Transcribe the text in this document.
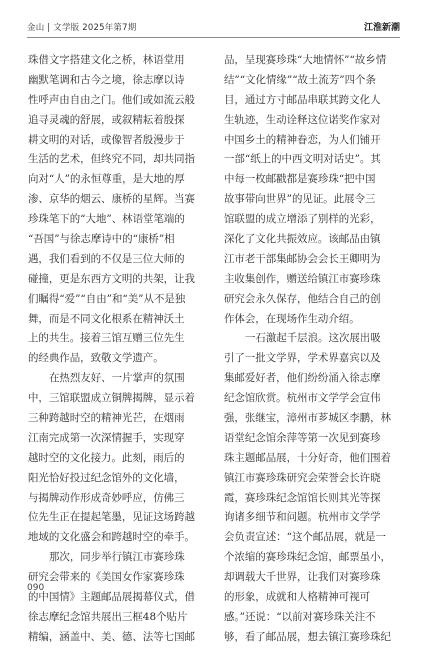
金山 | 文学版 2025年第7期	江淮新潮
珠借文字搭建文化之桥，林语堂用
幽默笔调和古今之境，徐志摩以诗
性呼声由自由之门。他们或如流云般
追寻灵魂的舒展，或叙精耘着殷探
耕文明的对话，或像智者殷漫步于
生活的艺术，但终究不同，却共同指
向对“人”的永恒尊重，是大地的厚
渗、京华的烟云、康桥的星辉。当赛
珍珠笔下的“大地”、林语堂笔端的
“吾国”与徐志摩诗中的“康桥”相
遇，我们看到的不仅是三位大师的
碰撞，更是东西方文明的共架，让我
们瞩得“爱”“自由”和“美”从不是独
舞，而是不同文化根系在精神沃土
上的共生。接着三馆互赠三位先生
的经典作品，致敬文学遗产。
在热烈友好、一片掌声的氛围
中，三馆联盟成立铜牌揭牌，显示着
三种跨越时空的精神光芒，在烟雨
江南完成第一次深情握手，实现穿
越时空的文化接力。此刻，雨后的
阳光恰好投过纪念馆外的文化墙，
与揭牌动作形成奇妙呼应，仿佛三
位先生正在提起笔墨，见证这场跨越
地域的文化盛会和跨越时空的牵手。
那次，同步举行镇江市赛珍珠
研究会带来的《美国女作家赛珍珠
的中国情》主题邮品展揭幕仪式，借
徐志摩纪念馆共展出三框48个贴片
精编，涵盖中、美、德、法等七国邮
品，呈现赛珍珠“大地情怀”“故乡情
结”“文化情缘”“故土流芳”四个条
目，通过方寸邮品串联其跨文化人
生轨迹，生动诠释这位诺奖作家对
中国乡土的精神眷恋，为人们铺开
一部“纸上的中西文明对话史”。其
中每一枚邮戳都是赛珍珠“把中国
故事带向世界”的见证。此展令三
馆联盟的成立增添了别样的光彩，
深化了文化共振效应。该邮品由镇
江市老干部集邮协会会长王卿明为
主收集创作，赠送给镇江市赛珍珠
研究会永久保存，他结合自己的创
作体会，在现场作生动介绍。
一石激起千层浪。这次展出吸
引了一批文学界，学术界嘉宾以及
集邮爱好者，他们纷纷涌入徐志摩
纪念馆欣赏。杭州市文学学会宣伟
强，张继宝，漳州市芗城区李鹏，林
语堂纪念馆余萍等第一次见到赛珍
珠主题邮品展，十分好奇，他们围着
镇江市赛珍珠研究会荣誉会长许晓
霞，赛珍珠纪念馆馆长则其光等探
询诸多细节和问题。杭州市文学学
会负责宣述：“这个邮品展，就是一
个浓缩的赛珍珠纪念馆，邮票虽小，
却调载大千世界，让我们对赛珍珠
的形象，成就和人格精神可视可
感。”还说：“以前对赛珍珠关注不
够，看了邮品展，想去镇江赛珍珠纪
090
